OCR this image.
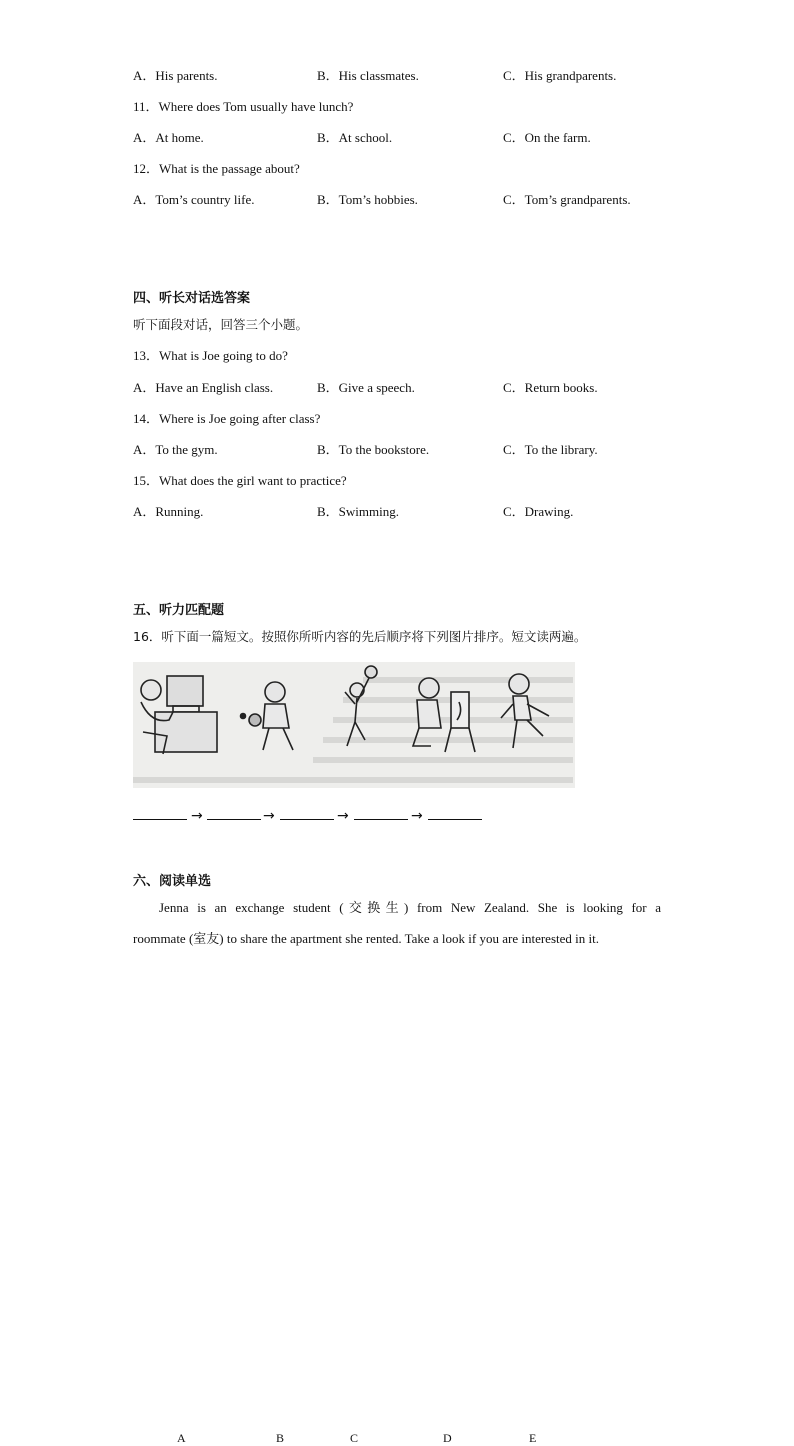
A．His parents.	B．His classmates.	C．His grandparents.
11．Where does Tom usually have lunch?
A．At home.	B．At school.	C．On the farm.
12．What is the passage about?
A．Tom’s country life.	B．Tom’s hobbies.	C．Tom’s grandparents.
四、听长对话选答案
听下面段对话，回答三个小题。
13．What is Joe going to do?
A．Have an English class.	B．Give a speech.	C．Return books.
14．Where is Joe going after class?
A．To the gym.	B．To the bookstore.	C．To the library.
15．What does the girl want to practice?
A．Running.	B．Swimming.	C．Drawing.
五、听力匹配题
16．听下面一篇短文。按照你所听内容的先后顺序将下列图片排序。短文读两遍。
A	B	C	D	E
→	→	→	→
六、阅读单选
Jenna is an exchange student (交换生) from New Zealand. She is looking for a
roommate (室友) to share the apartment she rented. Take a look if you are interested in it.
